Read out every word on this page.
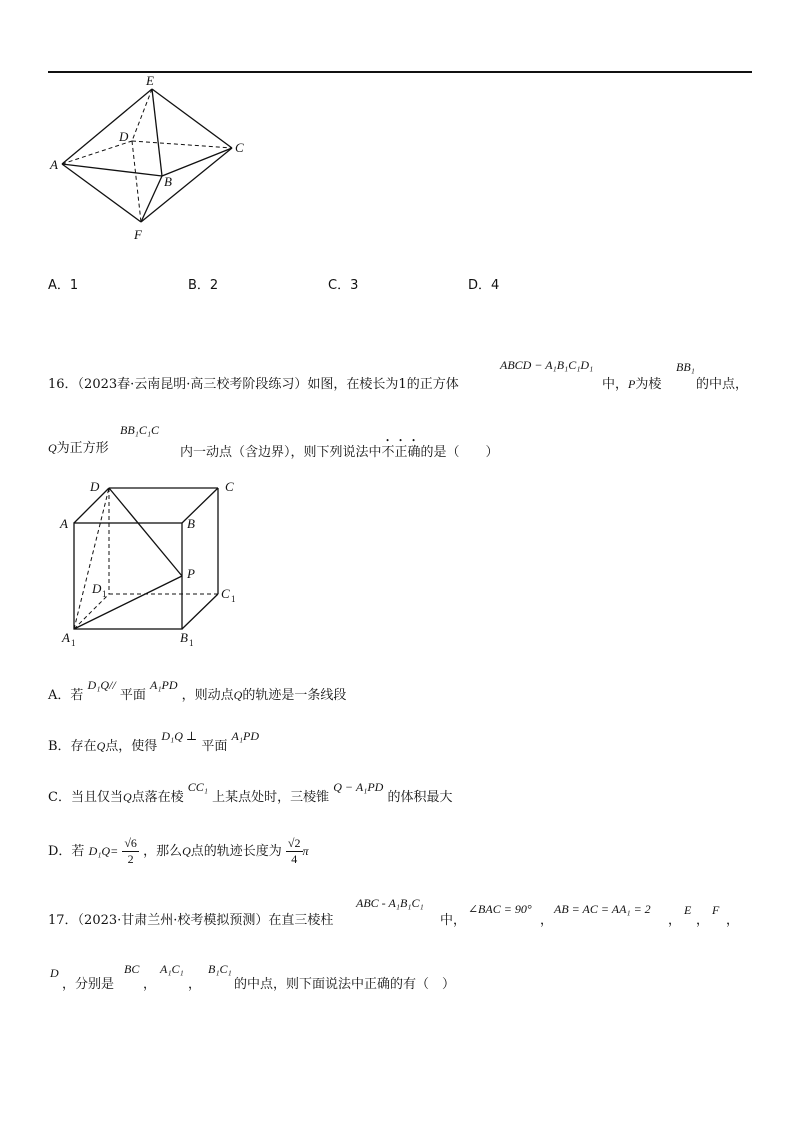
E
D
C
A
B
F
A．1	B．2	C．3	D．4
16．（2023春·云南昆明·高三校考阶段练习）如图，在棱长为1的正方体
ABCD − A₁B₁C₁D₁
中，P为棱
BB₁
的中点，
Q为正方形
BB₁C₁C
内一动点（含边界），则下列说法中不正确的是（　　）
D	C
A	B
P
D 1	C 1
A 1	B 1
A．若 D₁Q// 平面 A₁PD ，则动点Q的轨迹是一条线段
B．存在Q点，使得 D₁Q ⊥ 平面 A₁PD
C．当且仅当Q点落在棱 CC₁ 上某点处时，三棱锥 Q − A₁PD 的体积最大
D．若 $D_1Q= \frac{√6}{2}$ ，那么Q点的轨迹长度为 $\frac{√2}{4}$ π
17．（2023·甘肃兰州·校考模拟预测）在直三棱柱
ABC - A₁B₁C₁
中，
∠BAC = 90°
，
AB = AC = AA₁ = 2
，
E
，
F
，
D
，分别是
BC
，
A₁C₁
，
B₁C₁
的中点，则下面说法中正确的有（　）
